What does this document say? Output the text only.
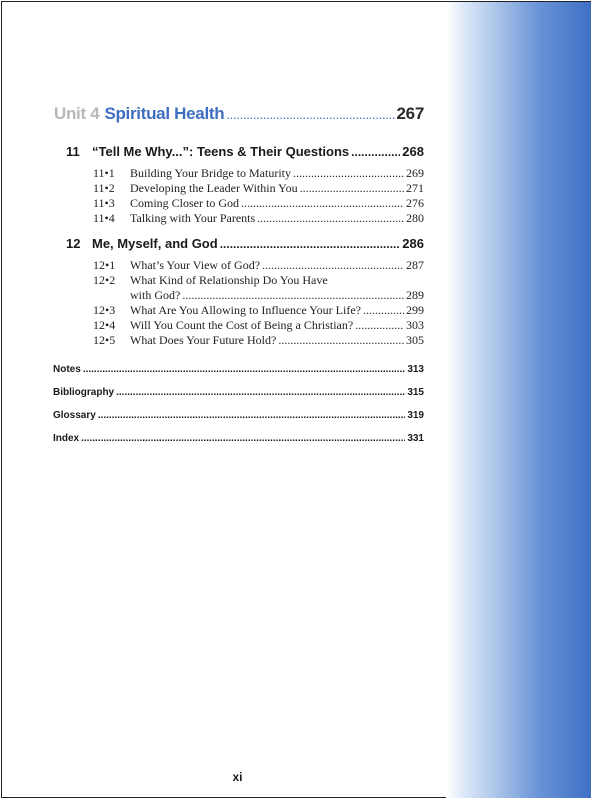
Unit 4 Spiritual Health .....	267
11 “Tell Me Why...”: Teens & Their Questions .....	268
11•1	Building Your Bridge to Maturity .....	269
11•2	Developing the Leader Within You .....	271
11•3	Coming Closer to God .....	276
11•4	Talking with Your Parents .....	280
12 Me, Myself, and God .....	286
12•1	What’s Your View of God? .....	287
12•2	What Kind of Relationship Do You Have
with God? .....	289
12•3	What Are You Allowing to Influence Your Life? .....	299
12•4	Will You Count the Cost of Being a Christian? .....	303
12•5	What Does Your Future Hold? .....	305
Notes .....	313
Bibliography .....	315
Glossary .....	319
Index .....	331
xi
